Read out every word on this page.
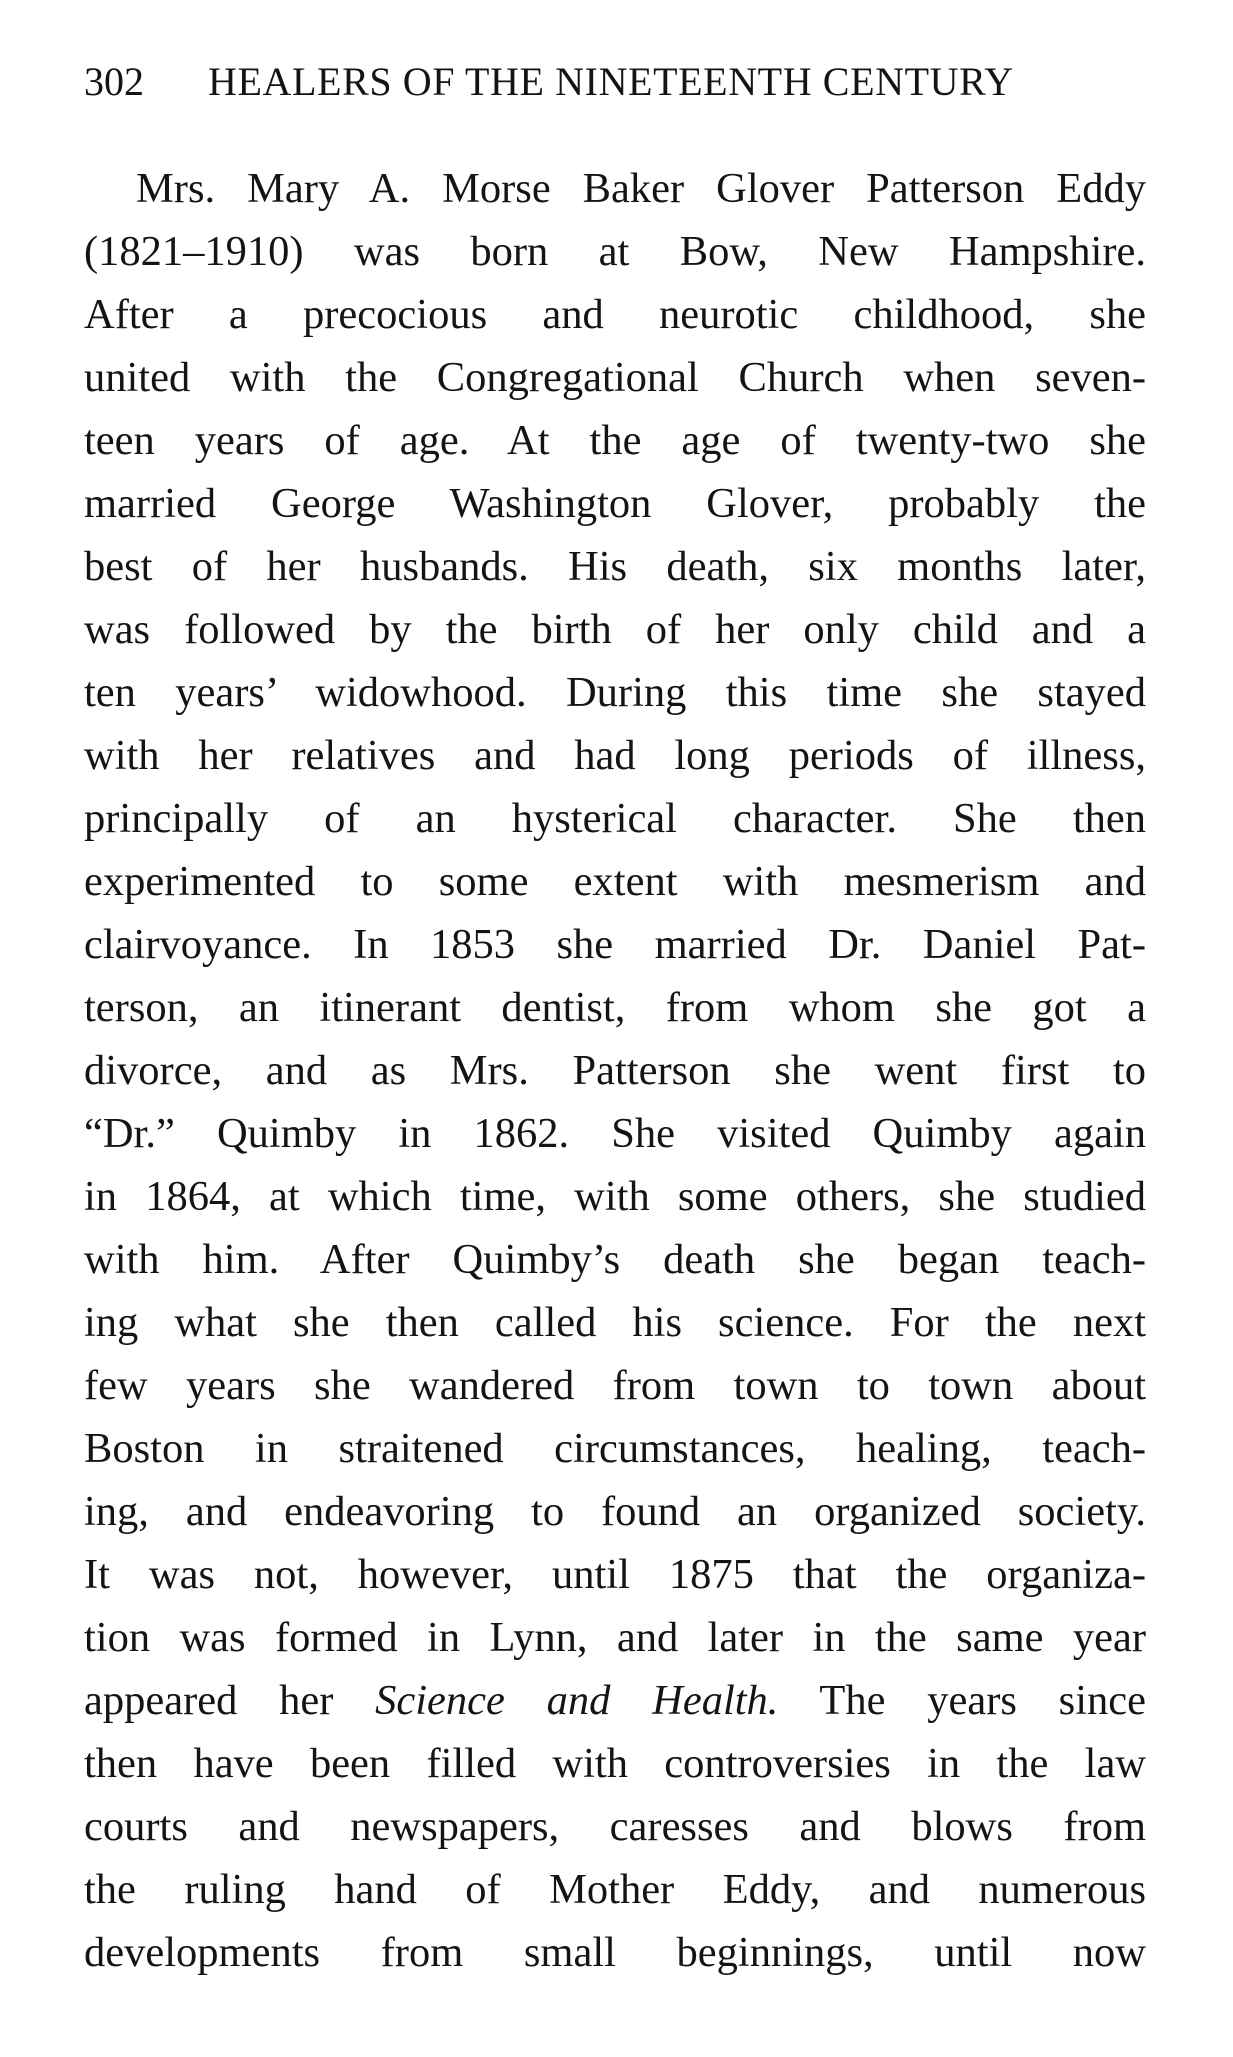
302 HEALERS OF THE NINETEENTH CENTURY
Mrs. Mary A. Morse Baker Glover Patterson Eddy
(1821–1910) was born at Bow, New Hampshire.
After a precocious and neurotic childhood, she
united with the Congregational Church when seven-
teen years of age. At the age of twenty-two she
married George Washington Glover, probably the
best of her husbands. His death, six months later,
was followed by the birth of her only child and a
ten years’ widowhood. During this time she stayed
with her relatives and had long periods of illness,
principally of an hysterical character. She then
experimented to some extent with mesmerism and
clairvoyance. In 1853 she married Dr. Daniel Pat-
terson, an itinerant dentist, from whom she got a
divorce, and as Mrs. Patterson she went first to
“Dr.” Quimby in 1862. She visited Quimby again
in 1864, at which time, with some others, she studied
with him. After Quimby’s death she began teach-
ing what she then called his science. For the next
few years she wandered from town to town about
Boston in straitened circumstances, healing, teach-
ing, and endeavoring to found an organized society.
It was not, however, until 1875 that the organiza-
tion was formed in Lynn, and later in the same year
appeared her Science and Health. The years since
then have been filled with controversies in the law
courts and newspapers, caresses and blows from
the ruling hand of Mother Eddy, and numerous
developments from small beginnings, until now
